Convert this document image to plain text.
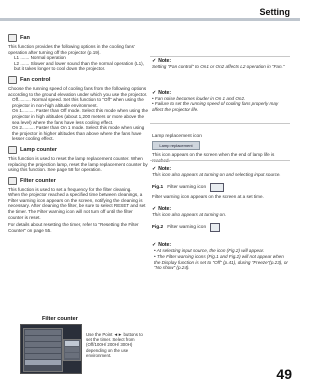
Setting
Fan
This function provides the following options in the cooling fans' operation after turning off the projector (p.19).
L1 ....... Normal operation
L2 ....... Slower and lower sound than the normal operation (L1), but it takes longer to cool down the projector.
Fan control
Choose the running speed of cooling fans from the following options according to the ground elevation under which you use the projector.
Off.......... Normal speed. Set this function to "Off" when using the projector in non-high altitude environment.
On 1.......... Faster than Off mode. Select this mode when using the projector in high altitudes (about 1,200 meters or more above the sea level) where the fans have less cooling effect.
On 2.......... Faster than On 1 mode. Select this mode when using the projector in higher altitudes than above where the fans have lesser cooling effect.
Lamp counter
This function is used to reset the lamp replacement counter. When replacing the projection lamp, reset the lamp replacement counter by using this function. See page 58 for operation.
Filter counter
This function is used to set a frequency for the filter cleaning.
When the projector reached a specified time between cleanings, a Filter warning icon appears on the screen, notifying the cleaning is necessary. After cleaning the filter, be sure to select RESET and set the timer. The Filter warning icon will not turn off until the filter counter is reset.
For details about resetting the timer, refer to "Resetting the Filter Counter" on page 55.
Filter counter
Use the Point ◄► buttons to set the timer. Select from (Off/100H/ 200H/ 300H) depending on the use environment.
✓ Note:
Setting "Fan control" to On1 or On2 affects L2 operation in "Fan."
✓ Note:
• Fan noise becomes louder in On 1 and On2.
• Failure to set the running speed of cooling fans properly may affect the projector life.
Lamp replacement icon
Lamp replacement
This icon appears on the screen when the end of lamp life is reached.
✓ Note:
This icon also appears at turning on and selecting input source.
Fig.1 Filter warning icon
Filter warning icon appears on the screen at a set time.
✓ Note:
This icon also appears at turning on.
Fig.2 Filter warning icon
✓ Note:
• At selecting input source, the icon (Fig.2) will appear.
• The Filter warning icons (Fig.1 and Fig.2) will not appear when the Display function is set to "Off" (p.41), during "Freeze"(p.23), or "No show" (p.24).
49
